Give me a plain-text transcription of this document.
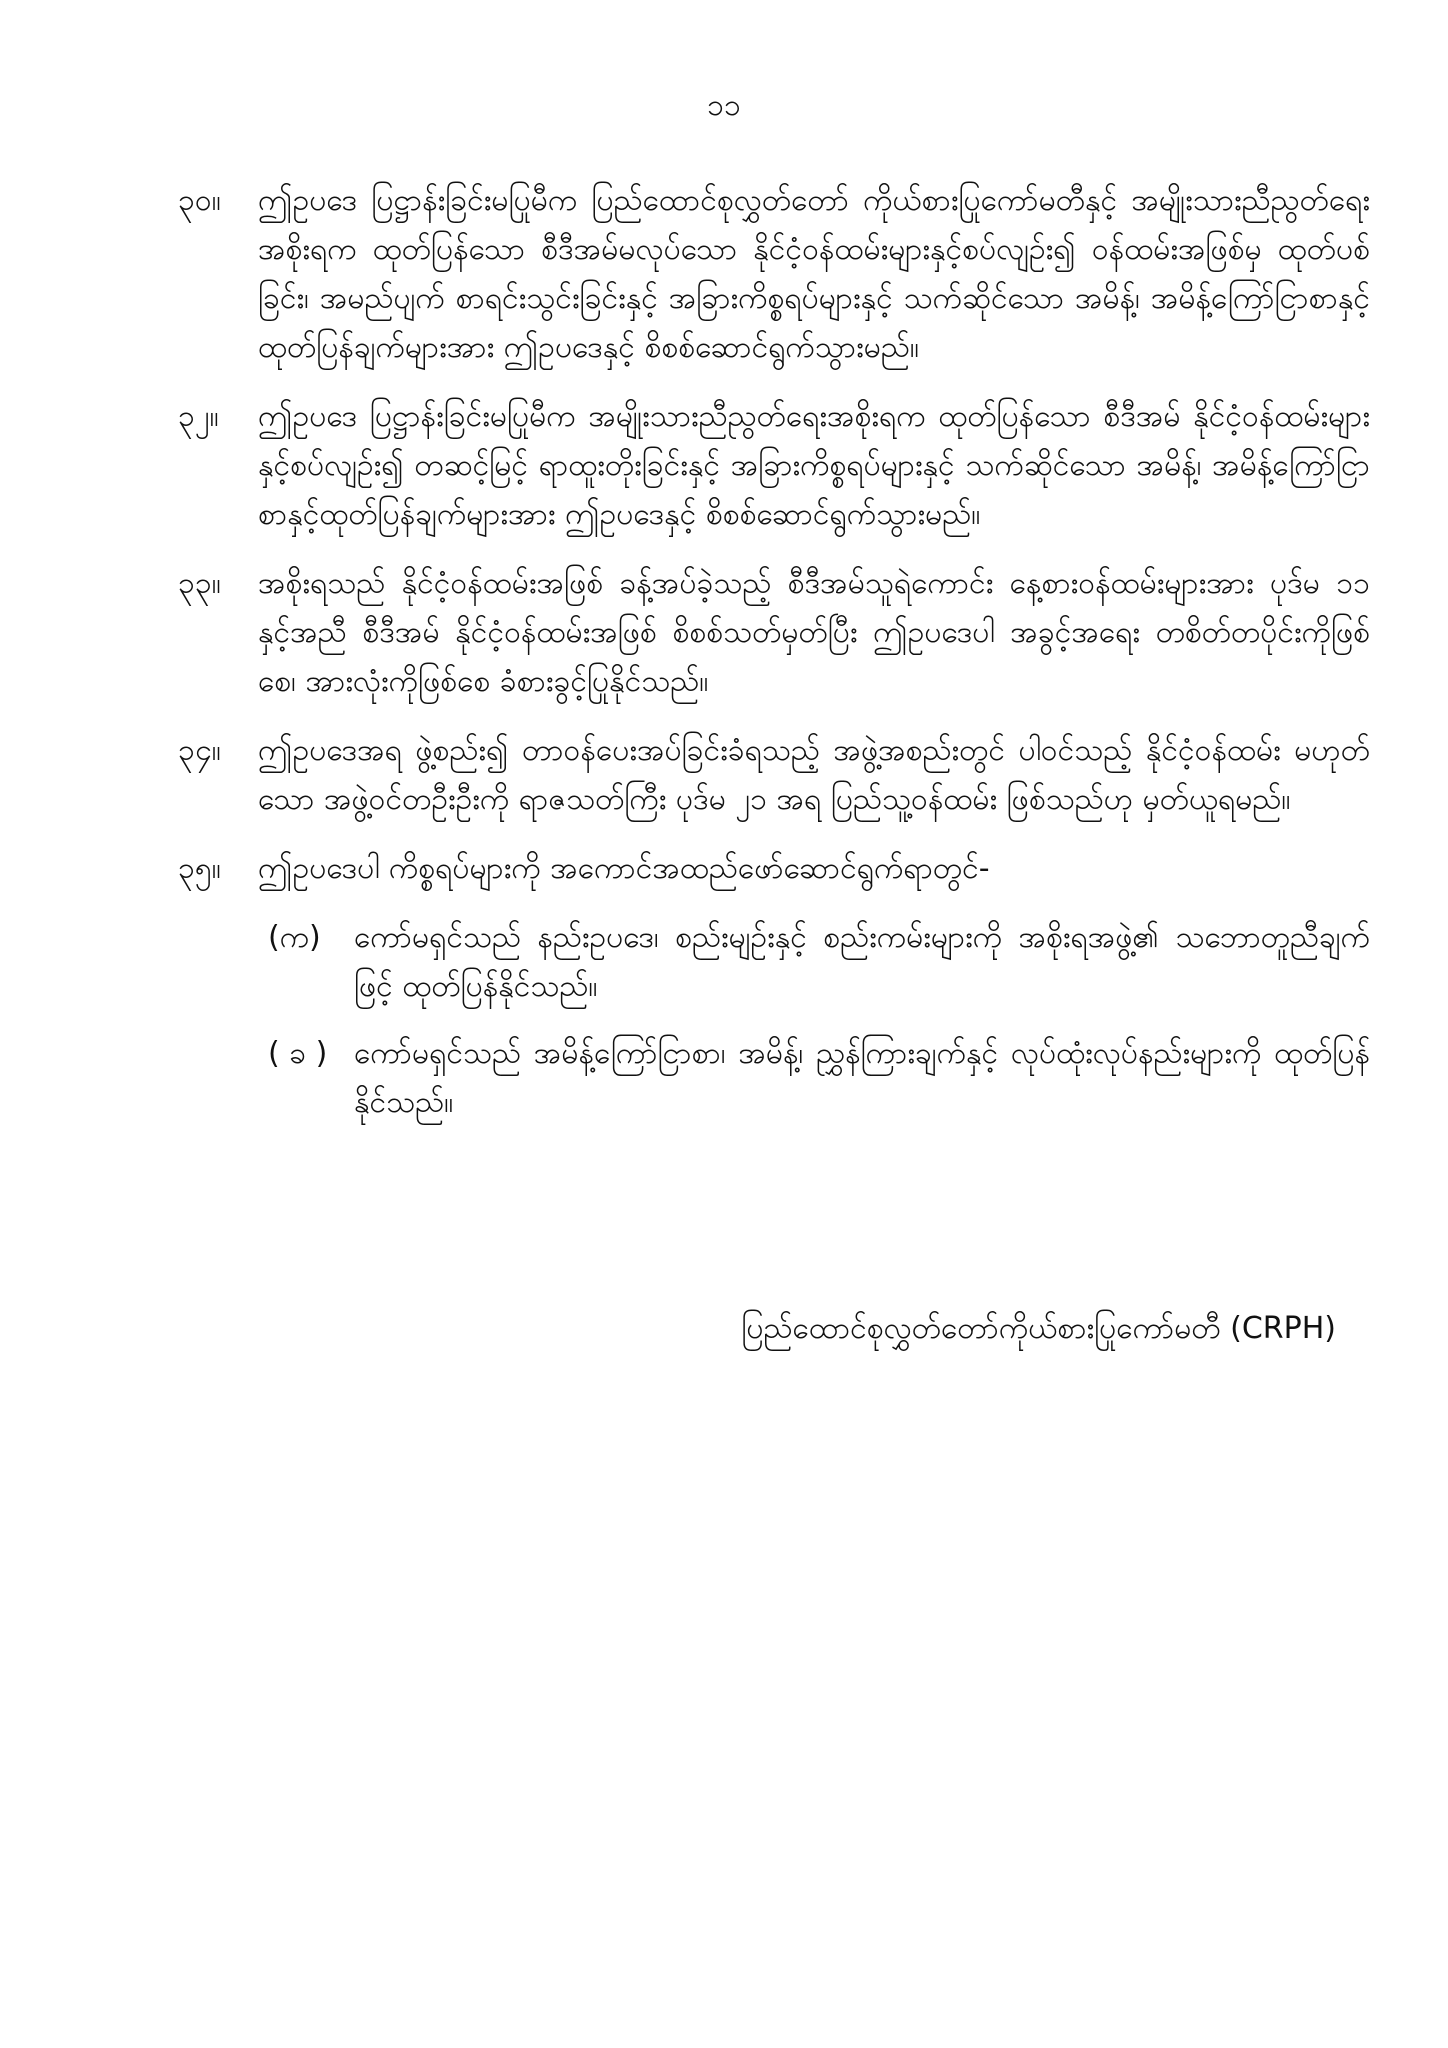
၁၁

၃၀။	ဤဥပဒေ ပြဋ္ဌာန်းခြင်းမပြုမီက ပြည်ထောင်စုလွှတ်တော် ကိုယ်စားပြုကော်မတီနှင့် အမျိုးသားညီညွတ်ရေးအစိုးရက ထုတ်ပြန်သော စီဒီအမ်မလုပ်သော နိုင်ငံ့ဝန်ထမ်းများနှင့်စပ်လျဉ်း၍ ဝန်ထမ်းအဖြစ်မှ ထုတ်ပစ်ခြင်း၊ အမည်ပျက် စာရင်းသွင်းခြင်းနှင့် အခြားကိစ္စရပ်များနှင့် သက်ဆိုင်သော အမိန့်၊ အမိန့်ကြော်ငြာစာနှင့် ထုတ်ပြန်ချက်များအား ဤဥပဒေနှင့် စိစစ်ဆောင်ရွက်သွားမည်။

၃၂။	ဤဥပဒေ ပြဋ္ဌာန်းခြင်းမပြုမီက အမျိုးသားညီညွတ်ရေးအစိုးရက ထုတ်ပြန်သော စီဒီအမ် နိုင်ငံ့ဝန်ထမ်းများနှင့်စပ်လျဉ်း၍ တဆင့်မြင့် ရာထူးတိုးခြင်းနှင့် အခြားကိစ္စရပ်များနှင့် သက်ဆိုင်သော အမိန့်၊ အမိန့်ကြော်ငြာစာနှင့်ထုတ်ပြန်ချက်များအား ဤဥပဒေနှင့် စိစစ်ဆောင်ရွက်သွားမည်။

၃၃။	အစိုးရသည် နိုင်ငံ့ဝန်ထမ်းအဖြစ် ခန့်အပ်ခဲ့သည့် စီဒီအမ်သူရဲကောင်း နေ့စားဝန်ထမ်းများအား ပုဒ်မ ၁၁ နှင့်အညီ စီဒီအမ် နိုင်ငံ့ဝန်ထမ်းအဖြစ် စိစစ်သတ်မှတ်ပြီး ဤဥပဒေပါ အခွင့်အရေး တစိတ်တပိုင်းကိုဖြစ်စေ၊ အားလုံးကိုဖြစ်စေ ခံစားခွင့်ပြုနိုင်သည်။

၃၄။	ဤဥပဒေအရ ဖွဲ့စည်း၍ တာဝန်ပေးအပ်ခြင်းခံရသည့် အဖွဲ့အစည်းတွင် ပါဝင်သည့် နိုင်ငံ့ဝန်ထမ်း မဟုတ်သော အဖွဲ့ဝင်တဦးဦးကို ရာဇသတ်ကြီး ပုဒ်မ ၂၁ အရ ပြည်သူ့ဝန်ထမ်း ဖြစ်သည်ဟု မှတ်ယူရမည်။

၃၅။	ဤဥပဒေပါ ကိစ္စရပ်များကို အကောင်အထည်ဖော်ဆောင်ရွက်ရာတွင်-

(က)	ကော်မရှင်သည် နည်းဥပဒေ၊ စည်းမျဉ်းနှင့် စည်းကမ်းများကို အစိုးရအဖွဲ့၏ သဘောတူညီချက်ဖြင့် ထုတ်ပြန်နိုင်သည်။

( ခ ) ကော်မရှင်သည် အမိန့်ကြော်ငြာစာ၊ အမိန့်၊ ညွှန်ကြားချက်နှင့် လုပ်ထုံးလုပ်နည်းများကို ထုတ်ပြန်နိုင်သည်။

ပြည်ထောင်စုလွှတ်တော်ကိုယ်စားပြုကော်မတီ (CRPH)
